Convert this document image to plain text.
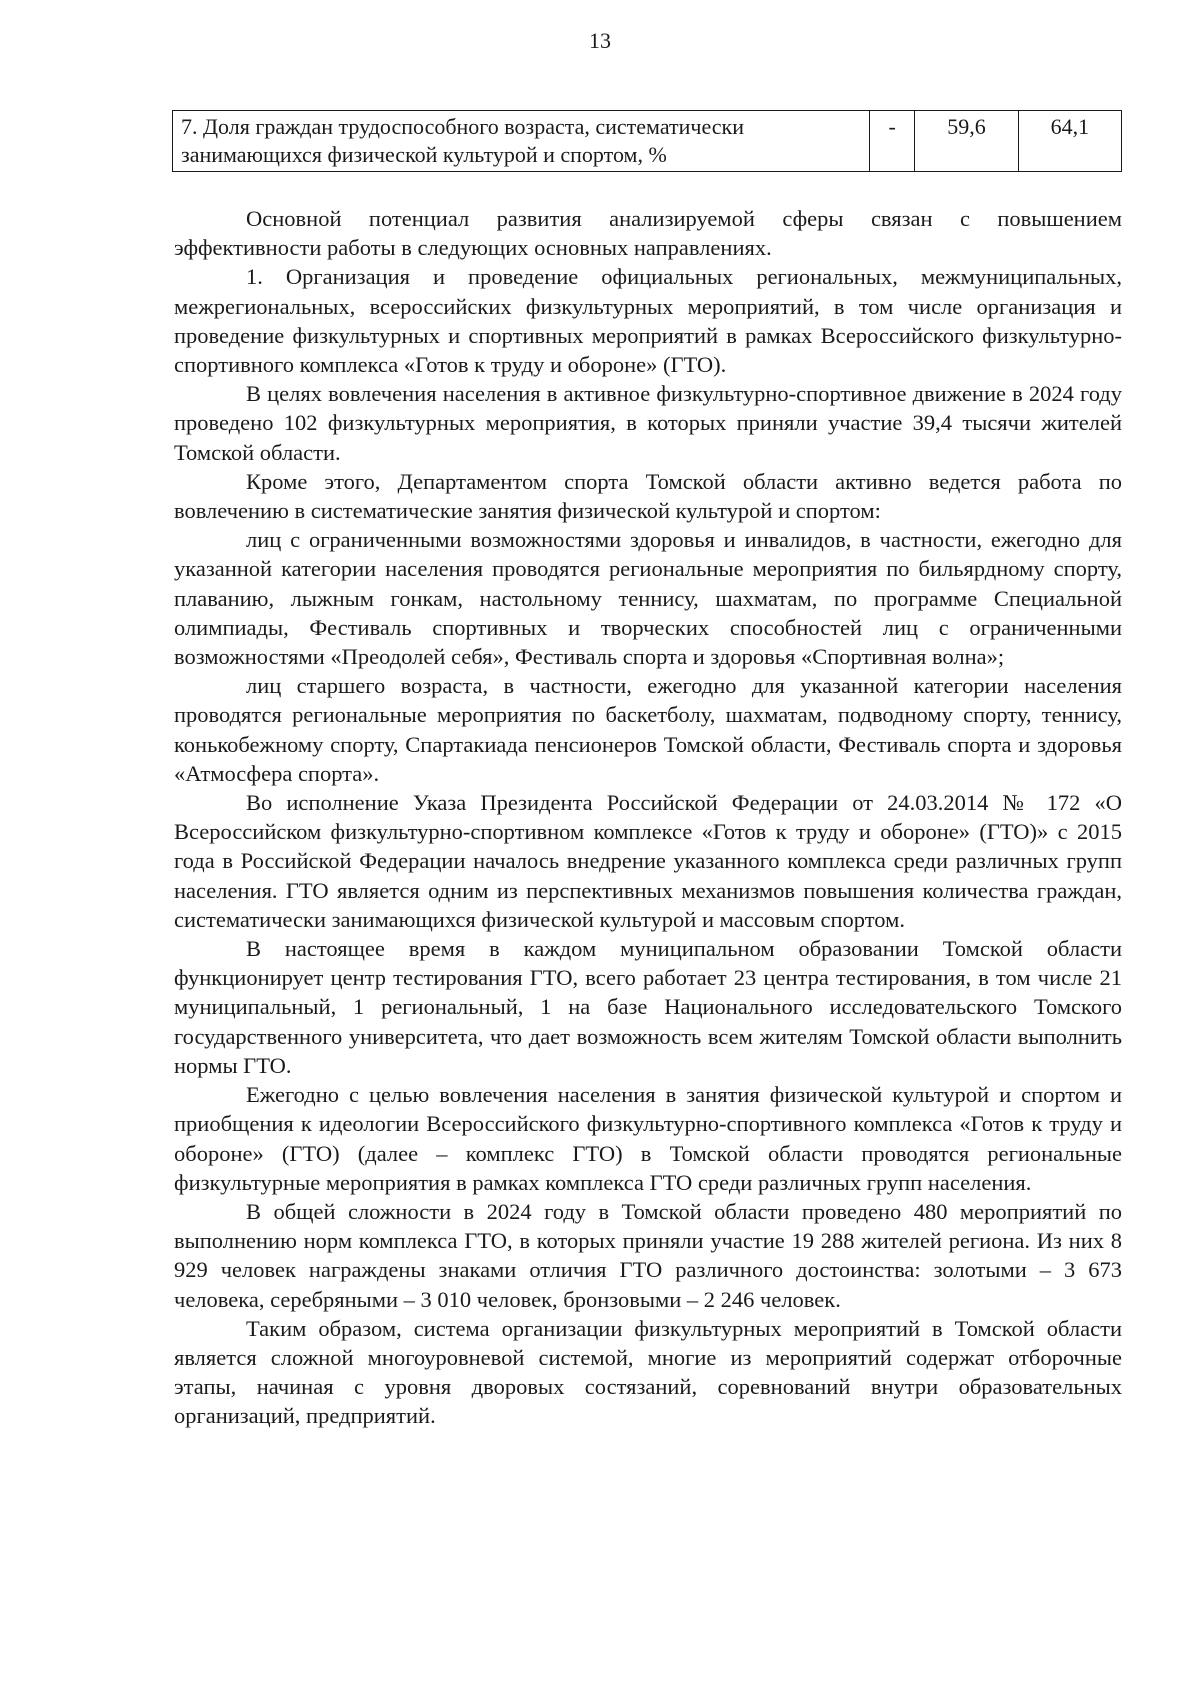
13
7. Доля граждан трудоспособного возраста, систематически занимающихся физической культурой и спортом, %	-	59,6	64,1

Основной потенциал развития анализируемой сферы связан с повышением эффективности работы в следующих основных направлениях.

1. Организация и проведение официальных региональных, межмуниципальных, межрегиональных, всероссийских физкультурных мероприятий, в том числе организация и проведение физкультурных и спортивных мероприятий в рамках Всероссийского физкультурно-спортивного комплекса «Готов к труду и обороне» (ГТО).

В целях вовлечения населения в активное физкультурно-спортивное движение в 2024 году проведено 102 физкультурных мероприятия, в которых приняли участие 39,4 тысячи жителей Томской области.

Кроме этого, Департаментом спорта Томской области активно ведется работа по вовлечению в систематические занятия физической культурой и спортом:

лиц с ограниченными возможностями здоровья и инвалидов, в частности, ежегодно для указанной категории населения проводятся региональные мероприятия по бильярдному спорту, плаванию, лыжным гонкам, настольному теннису, шахматам, по программе Специальной олимпиады, Фестиваль спортивных и творческих способностей лиц с ограниченными возможностями «Преодолей себя», Фестиваль спорта и здоровья «Спортивная волна»;

лиц старшего возраста, в частности, ежегодно для указанной категории населения проводятся региональные мероприятия по баскетболу, шахматам, подводному спорту, теннису, конькобежному спорту, Спартакиада пенсионеров Томской области, Фестиваль спорта и здоровья «Атмосфера спорта».

Во исполнение Указа Президента Российской Федерации от 24.03.2014 № 172 «О Всероссийском физкультурно-спортивном комплексе «Готов к труду и обороне» (ГТО)» с 2015 года в Российской Федерации началось внедрение указанного комплекса среди различных групп населения. ГТО является одним из перспективных механизмов повышения количества граждан, систематически занимающихся физической культурой и массовым спортом.

В настоящее время в каждом муниципальном образовании Томской области функционирует центр тестирования ГТО, всего работает 23 центра тестирования, в том числе 21 муниципальный, 1 региональный, 1 на базе Национального исследовательского Томского государственного университета, что дает возможность всем жителям Томской области выполнить нормы ГТО.

Ежегодно с целью вовлечения населения в занятия физической культурой и спортом и приобщения к идеологии Всероссийского физкультурно-спортивного комплекса «Готов к труду и обороне» (ГТО) (далее – комплекс ГТО) в Томской области проводятся региональные физкультурные мероприятия в рамках комплекса ГТО среди различных групп населения.

В общей сложности в 2024 году в Томской области проведено 480 мероприятий по выполнению норм комплекса ГТО, в которых приняли участие 19 288 жителей региона. Из них 8 929 человек награждены знаками отличия ГТО различного достоинства: золотыми – 3 673 человека, серебряными – 3 010 человек, бронзовыми – 2 246 человек.

Таким образом, система организации физкультурных мероприятий в Томской области является сложной многоуровневой системой, многие из мероприятий содержат отборочные этапы, начиная с уровня дворовых состязаний, соревнований внутри образовательных организаций, предприятий.
